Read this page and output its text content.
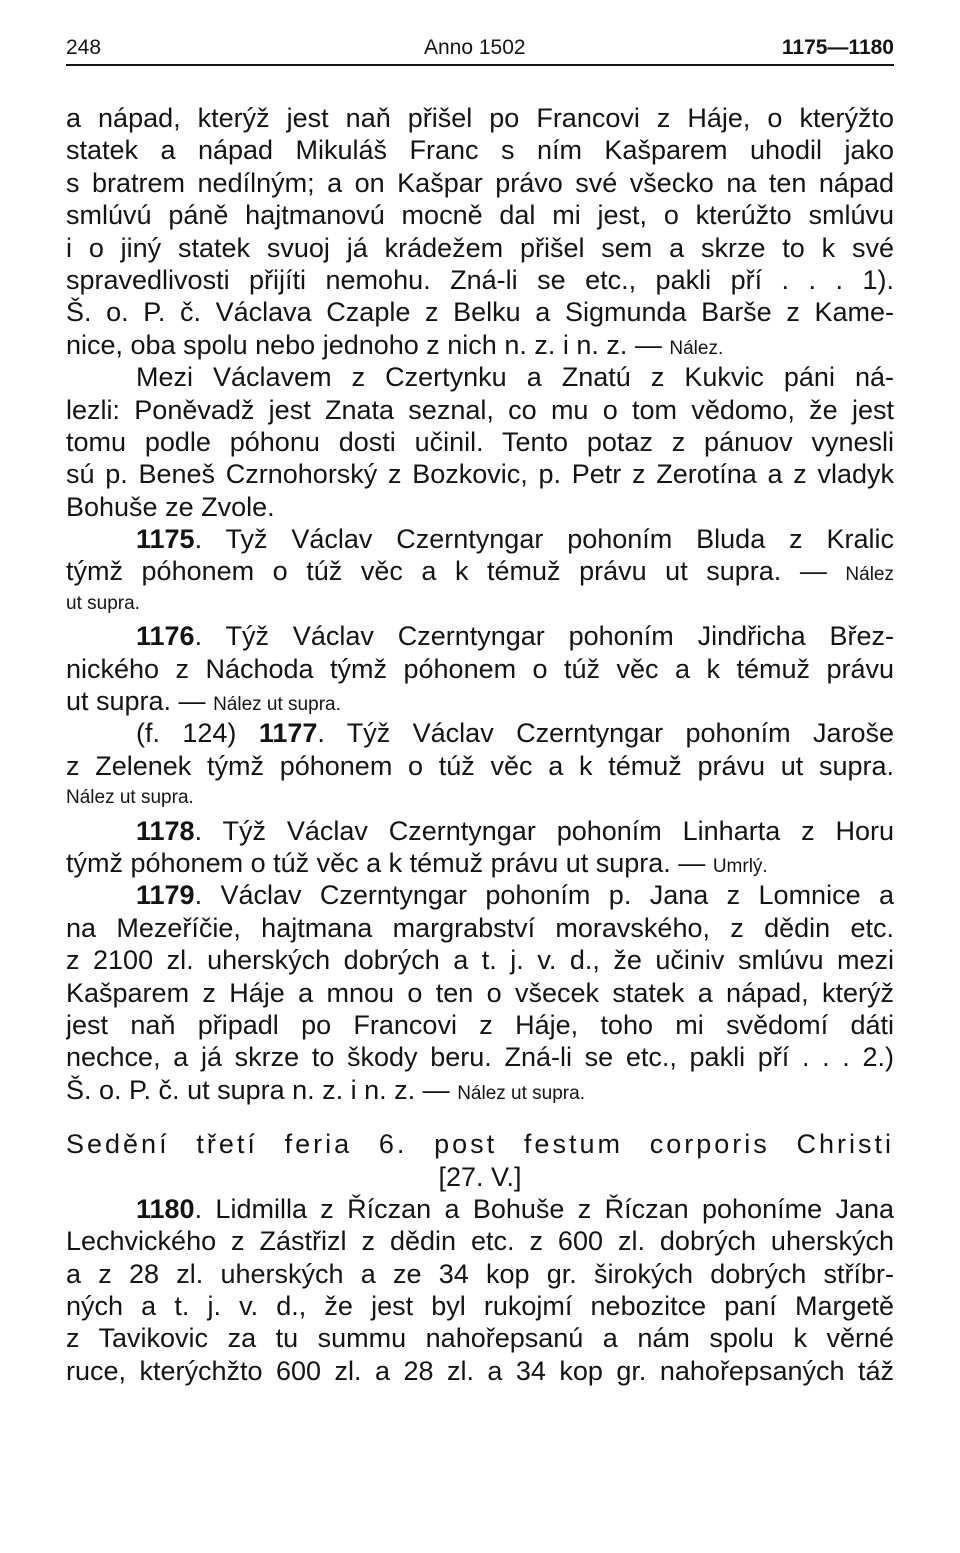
248	Anno 1502	1175—1180
a nápad, kterýž jest naň přišel po Francovi z Háje, o kterýžto
statek a nápad Mikuláš Franc s ním Kašparem uhodil jako
s bratrem nedílným; a on Kašpar právo své všecko na ten nápad
smlúvú páně hajtmanovú mocně dal mi jest, o kterúžto smlúvu
i o jiný statek svuoj já krádežem přišel sem a skrze to k své
spravedlivosti přijíti nemohu. Zná-li se etc., pakli pří . . . 1).
Š. o. P. č. Václava Czaple z Belku a Sigmunda Barše z Kame-
nice, oba spolu nebo jednoho z nich n. z. i n. z. — Nález.
Mezi Václavem z Czertynku a Znatú z Kukvic páni ná-
lezli: Poněvadž jest Znata seznal, co mu o tom vědomo, že jest
tomu podle póhonu dosti učinil. Tento potaz z pánuov vynesli
sú p. Beneš Czrnohorský z Bozkovic, p. Petr z Zerotína a z vladyk
Bohuše ze Zvole.
1175. Tyž Václav Czerntyngar pohoním Bluda z Kralic
týmž póhonem o túž věc a k témuž právu ut supra. — Nález
ut supra.
1176. Týž Václav Czerntyngar pohoním Jindřicha Břez-
nického z Náchoda týmž póhonem o túž věc a k témuž právu
ut supra. — Nález ut supra.
(f. 124) 1177. Týž Václav Czerntyngar pohoním Jaroše
z Zelenek týmž póhonem o túž věc a k témuž právu ut supra.
Nález ut supra.
1178. Týž Václav Czerntyngar pohoním Linharta z Horu
týmž póhonem o túž věc a k témuž právu ut supra. — Umrlý.
1179. Václav Czerntyngar pohoním p. Jana z Lomnice a
na Mezeříčie, hajtmana margrabství moravského, z dědin etc.
z 2100 zl. uherských dobrých a t. j. v. d., že učiniv smlúvu mezi
Kašparem z Háje a mnou o ten o všecek statek a nápad, kterýž
jest naň připadl po Francovi z Háje, toho mi svědomí dáti
nechce, a já skrze to škody beru. Zná-li se etc., pakli pří . . . 2.)
Š. o. P. č. ut supra n. z. i n. z. — Nález ut supra.
Sedění třetí feria 6. post festum corporis Christi
[27. V.]
1180. Lidmilla z Říczan a Bohuše z Říczan pohoníme Jana
Lechvického z Zástřizl z dědin etc. z 600 zl. dobrých uherských
a z 28 zl. uherských a ze 34 kop gr. širokých dobrých stříbr-
ných a t. j. v. d., že jest byl rukojmí nebozitce paní Margetě
z Tavikovic za tu summu nahořepsanú a nám spolu k věrné
ruce, kterýchžto 600 zl. a 28 zl. a 34 kop gr. nahořepsaných táž
